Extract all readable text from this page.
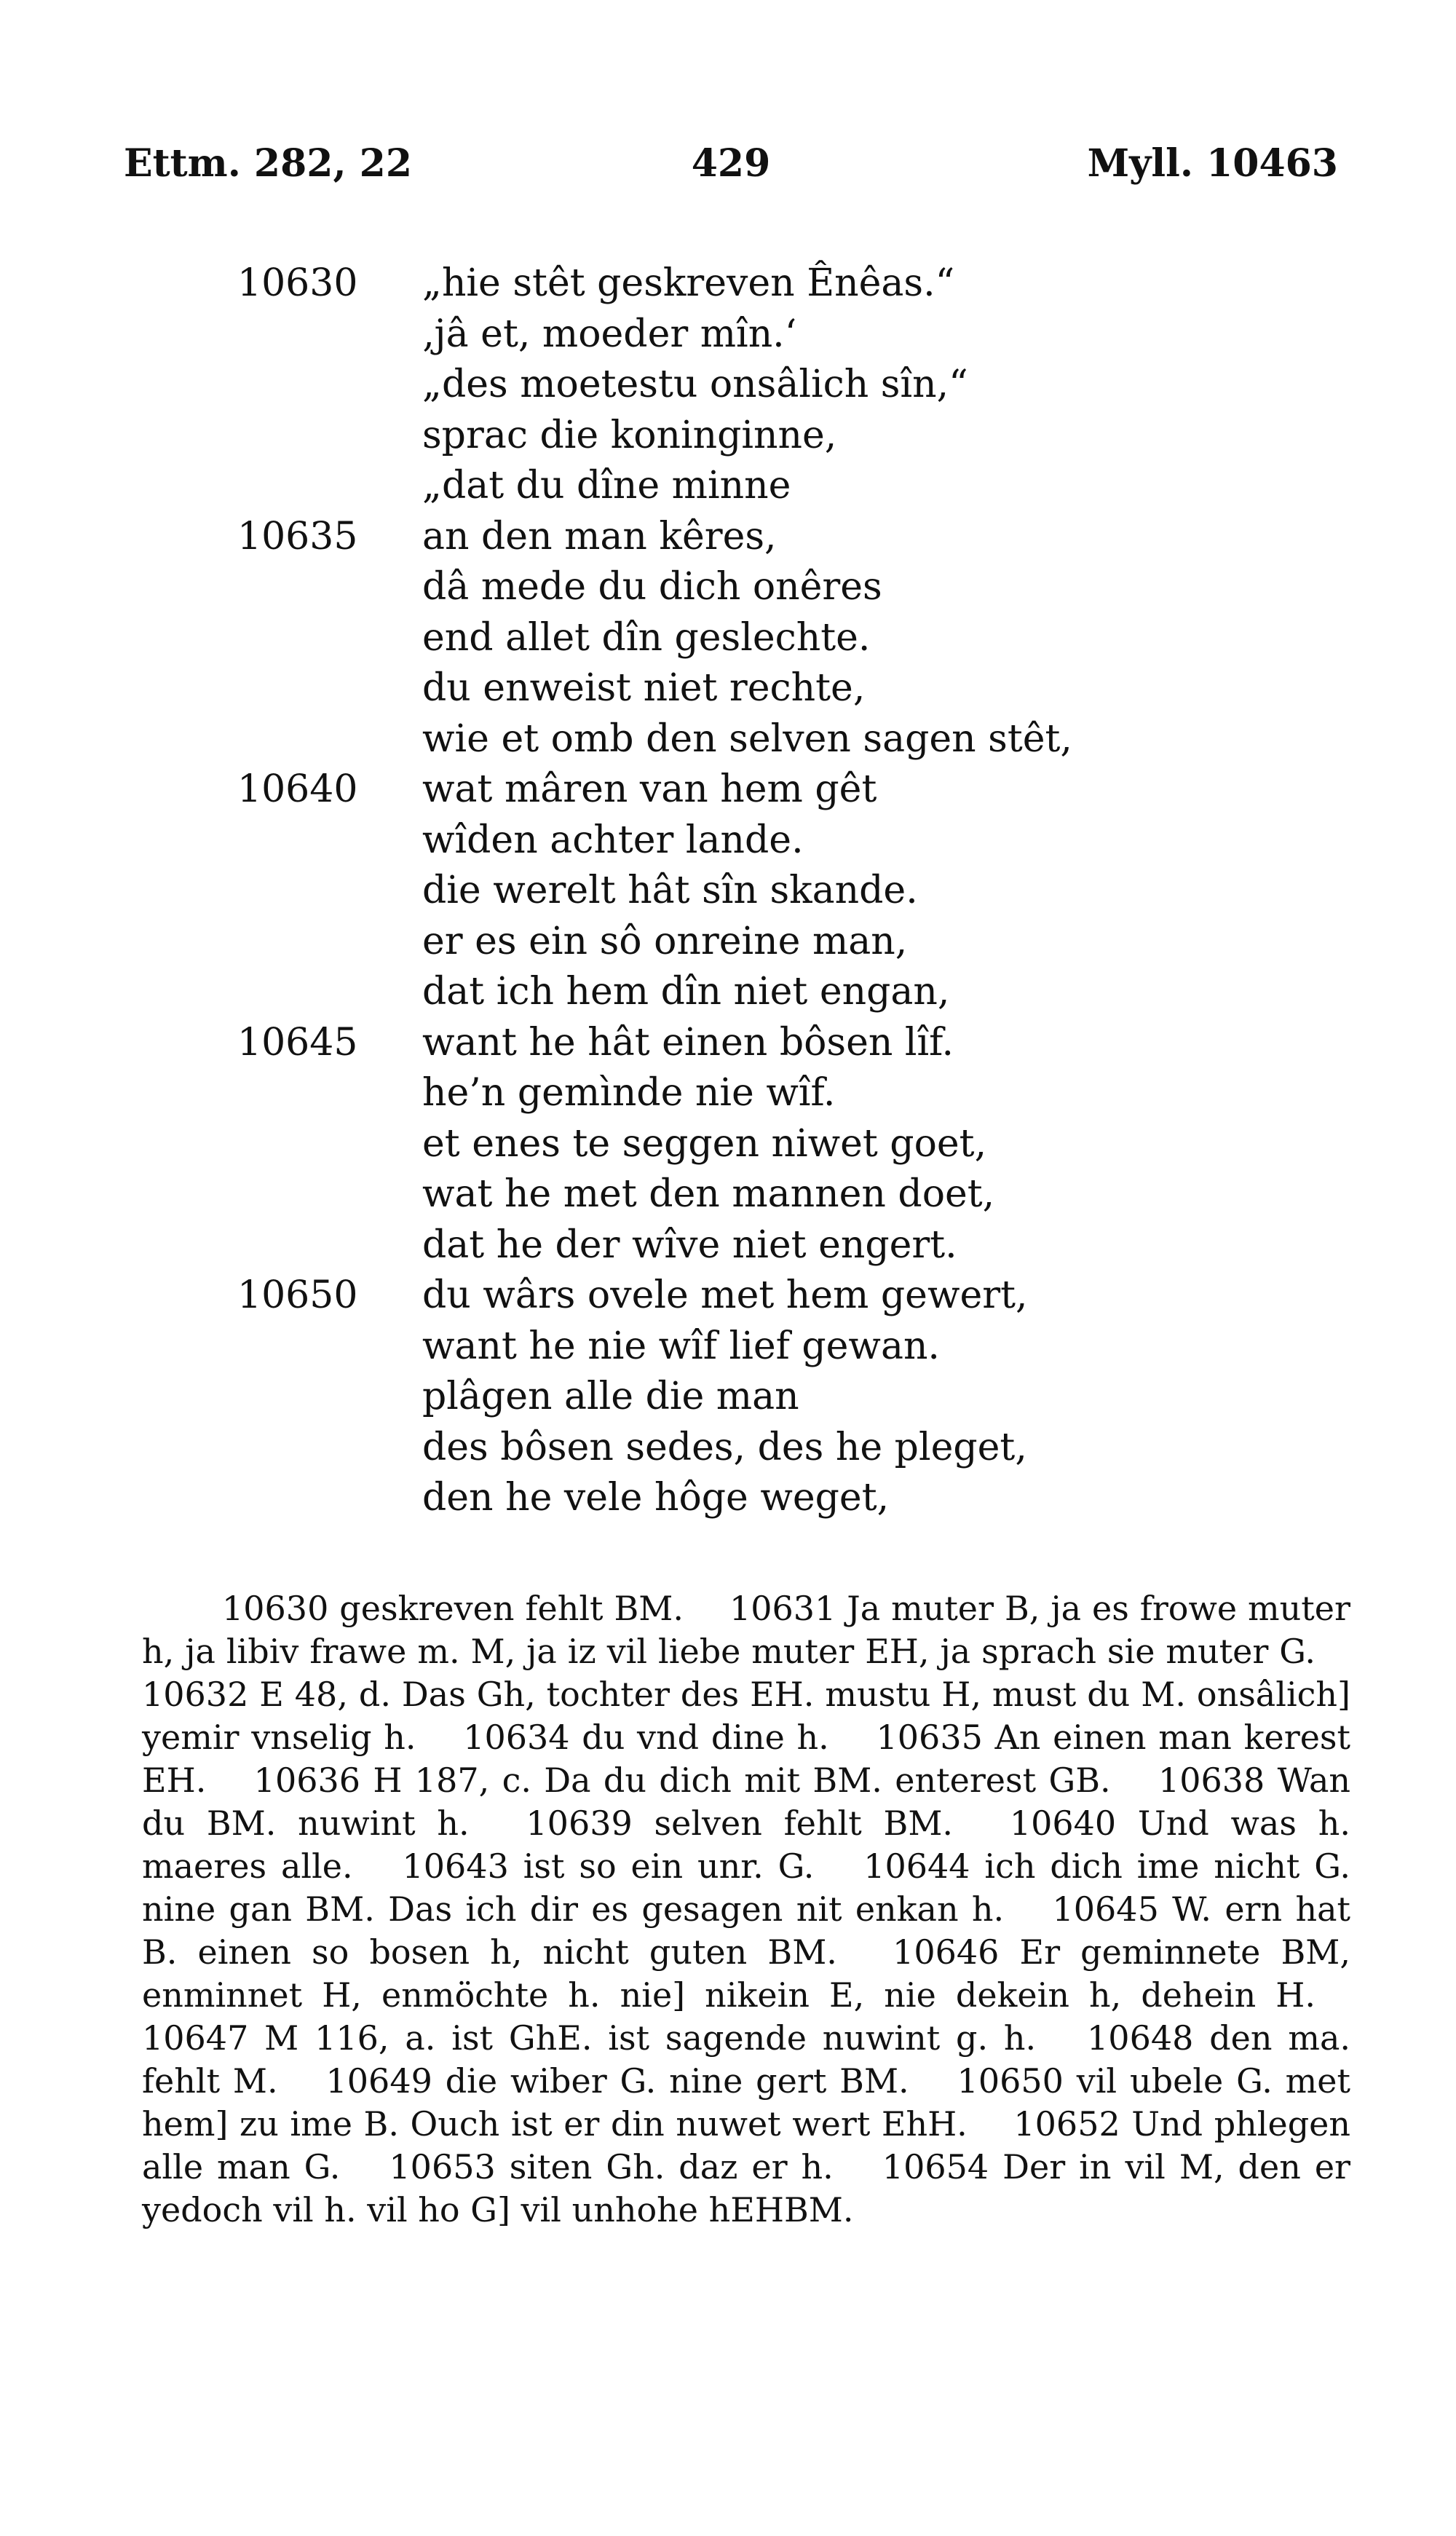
Ettm. 282, 22	429	Myll. 10463
10630	„hie stêt geskreven Ênêas.“
‚jâ et, moeder mîn.‘
„des moetestu onsâlich sîn,“
sprac die koninginne,
„dat du dîne minne
10635	an den man kêres,
dâ mede du dich onêres
end allet dîn geslechte.
du enweist niet rechte,
wie et omb den selven sagen stêt,
10640	wat mâren van hem gêt
wîden achter lande.
die werelt hât sîn skande.
er es ein sô onreine man,
dat ich hem dîn niet engan,
10645	want he hât einen bôsen lîf.
he’n gemìnde nie wîf.
et enes te seggen niwet goet,
wat he met den mannen doet,
dat he der wîve niet engert.
10650	du wârs ovele met hem gewert,
want he nie wîf lief gewan.
plâgen alle die man
des bôsen sedes, des he pleget,
den he vele hôge weget,
10630 geskreven fehlt BM. 10631 Ja muter B, ja es frowe muter h, ja libiv frawe m. M, ja iz vil liebe muter EH, ja sprach sie muter G. 10632 E 48, d. Das Gh, tochter des EH. mustu H, must du M. onsâlich] yemir vnselig h. 10634 du vnd dine h. 10635 An einen man kerest EH. 10636 H 187, c. Da du dich mit BM. enterest GB. 10638 Wan du BM. nuwint h. 10639 selven fehlt BM. 10640 Und was h. maeres alle. 10643 ist so ein unr. G. 10644 ich dich ime nicht G. nine gan BM. Das ich dir es gesagen nit enkan h. 10645 W. ern hat B. einen so bosen h, nicht guten BM. 10646 Er geminnete BM, enminnet H, enmöchte h. nie] nikein E, nie dekein h, dehein H. 10647 M 116, a. ist GhE. ist sagende nuwint g. h. 10648 den ma. fehlt M. 10649 die wiber G. nine gert BM. 10650 vil ubele G. met hem] zu ime B. Ouch ist er din nuwet wert EhH. 10652 Und phlegen alle man G. 10653 siten Gh. daz er h. 10654 Der in vil M, den er yedoch vil h. vil ho G] vil unhohe hEHBM.
